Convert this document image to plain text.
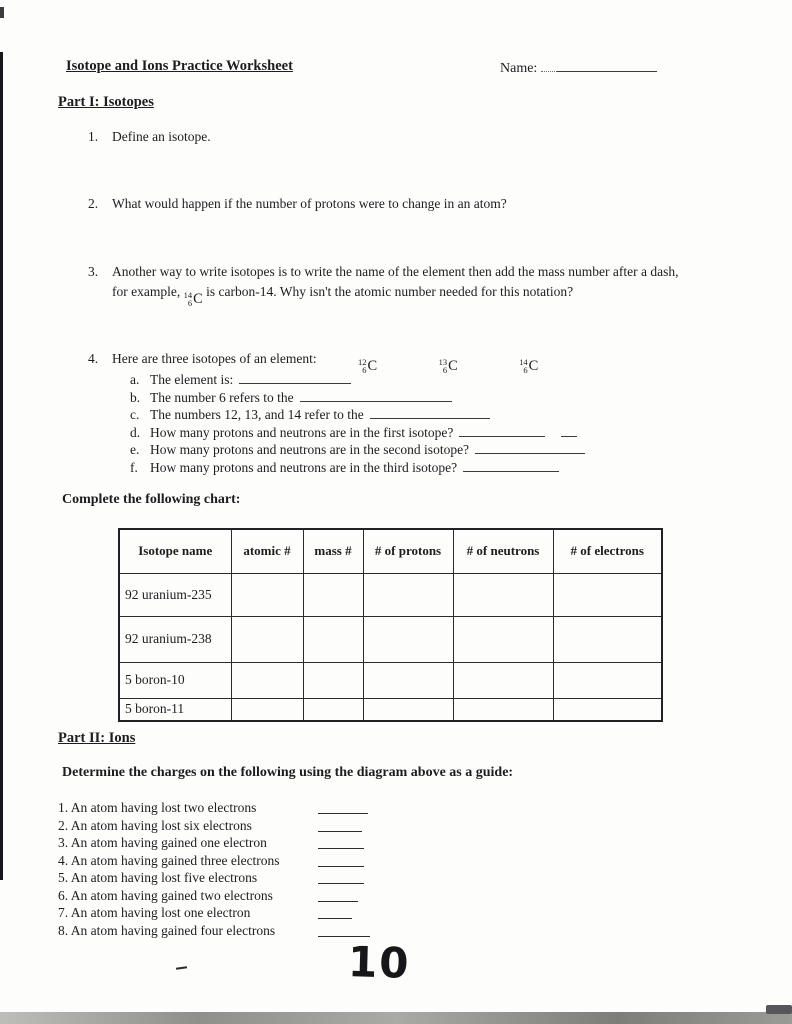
Isotope and Ions Practice Worksheet	Name:
Part I: Isotopes
1. Define an isotope.
2. What would happen if the number of protons were to change in an atom?
3. Another way to write isotopes is to write the name of the element then add the mass number after a dash,
for example, 14
6 C is carbon-14. Why isn't the atomic number needed for this notation?
4. Here are three isotopes of an element:	12
6 C
	13
6 C
	14
6 C
a. The element is:
b. The number 6 refers to the
c. The numbers 12, 13, and 14 refer to the
d. How many protons and neutrons are in the first isotope?
e. How many protons and neutrons are in the second isotope?
f. How many protons and neutrons are in the third isotope?
Complete the following chart:
Isotope name	atomic #	mass #	# of protons	# of neutrons	# of electrons
92 uranium-235					
92 uranium-238					
5 boron-10					
5 boron-11					
Part II: Ions
Determine the charges on the following using the diagram above as a guide:
1. An atom having lost two electrons
2. An atom having lost six electrons
3. An atom having gained one electron
4. An atom having gained three electrons
5. An atom having lost five electrons
6. An atom having gained two electrons
7. An atom having lost one electron
8. An atom having gained four electrons
10
